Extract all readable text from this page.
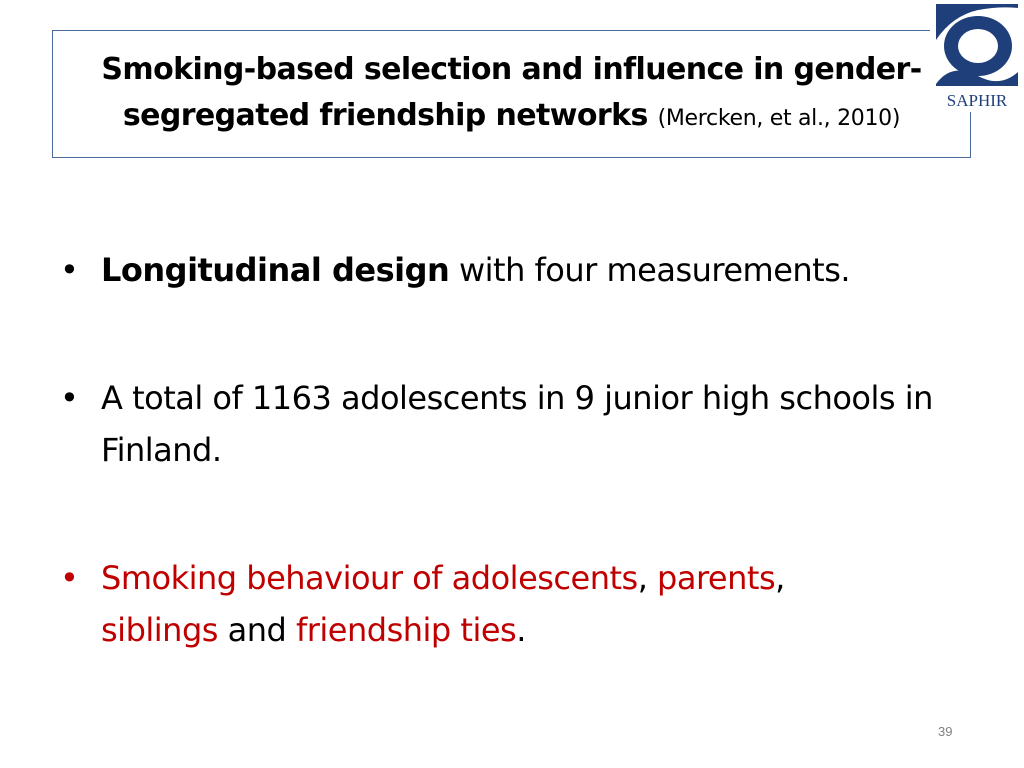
Smoking-based selection and influence in gender-
segregated friendship networks (Mercken, et al., 2010)
SAPHIR
• Longitudinal design with four measurements.
• A total of 1163 adolescents in 9 junior high schools in Finland.
• Smoking behaviour of adolescents, parents,
siblings and friendship ties.
39
